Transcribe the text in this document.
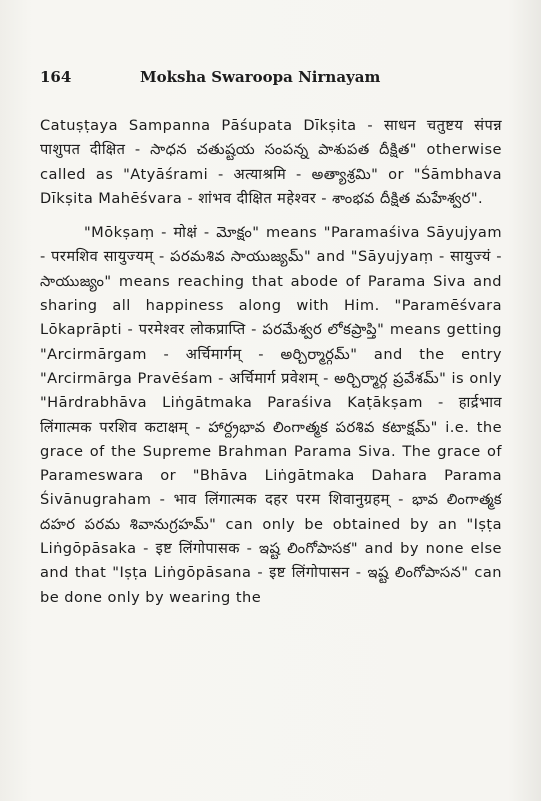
164	Moksha Swaroopa Nirnayam

Catuṣṭaya Sampanna Pāśupata Dīkṣita - साधन चतुष्टय संपन्न पाशुपत दीक्षित - సాధన చతుష్టయ సంపన్న పాశుపత దీక్షిత" otherwise called as "Atyāśrami - अत्याश्रमि - అత్యాశ్రమి" or "Śāmbhava Dīkṣita Mahēśvara - शांभव दीक्षित महेश्वर - శాంభవ దీక్షిత మహేశ్వర".

"Mōkṣaṃ - मोक्षं - మోక్షం" means "Paramaśiva Sāyujyam - परमशिव सायुज्यम् - పరమశివ సాయుజ్యమ్" and "Sāyujyaṃ - सायुज्यं - సాయుజ్యం" means reaching that abode of Parama Siva and sharing all happiness along with Him. "Paramēśvara Lōkaprāpti - परमेश्वर लोकप्राप्ति - పరమేశ్వర లోకప్రాప్తి" means getting "Arcirmārgam - अर्चिमार्गम् - అర్చిర్మార్గమ్" and the entry "Arcirmārga Pravēśam - अर्चिमार्ग प्रवेशम् - అర్చిర్మార్గ ప్రవేశమ్" is only "Hārdrabhāva Liṅgātmaka Paraśiva Kaṭākṣam - हार्द्रभाव लिंगात्मक परशिव कटाक्षम् - హార్ద్రభావ లింగాత్మక పరశివ కటాక్షమ్" i.e. the grace of the Supreme Brahman Parama Siva. The grace of Parameswara or "Bhāva Liṅgātmaka Dahara Parama Śivānugraham - भाव लिंगात्मक दहर परम शिवानुग्रहम् - భావ లింగాత్మక దహర పరమ శివానుగ్రహమ్" can only be obtained by an "Iṣṭa Liṅgōpāsaka - इष्ट लिंगोपासक - ఇష్ట లింగోపాసక" and by none else and that "Iṣṭa Liṅgōpāsana - इष्ट लिंगोपासन - ఇష్ట లింగోపాసన" can be done only by wearing the
